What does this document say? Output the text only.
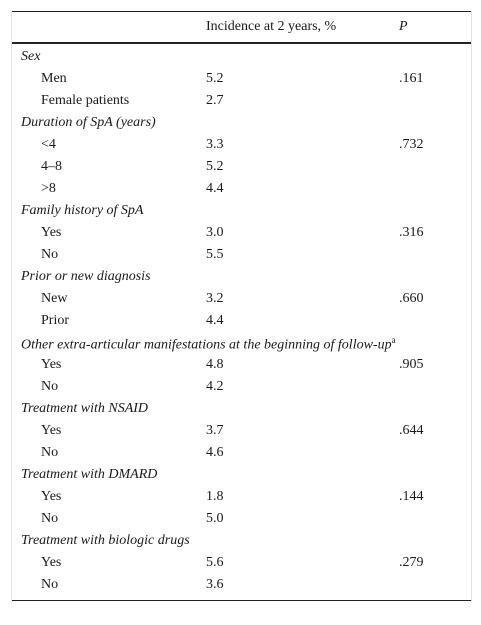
Incidence at 2 years, %	P
Sex
Men	5.2	.161
Female patients	2.7
Duration of SpA (years)
<4	3.3	.732
4–8	5.2
>8	4.4
Family history of SpA
Yes	3.0	.316
No	5.5
Prior or new diagnosis
New	3.2	.660
Prior	4.4
Other extra-articular manifestations at the beginning of follow-$up^a$
Yes	4.8	.905
No	4.2
Treatment with NSAID
Yes	3.7	.644
No	4.6
Treatment with DMARD
Yes	1.8	.144
No	5.0
Treatment with biologic drugs
Yes	5.6	.279
No	3.6
